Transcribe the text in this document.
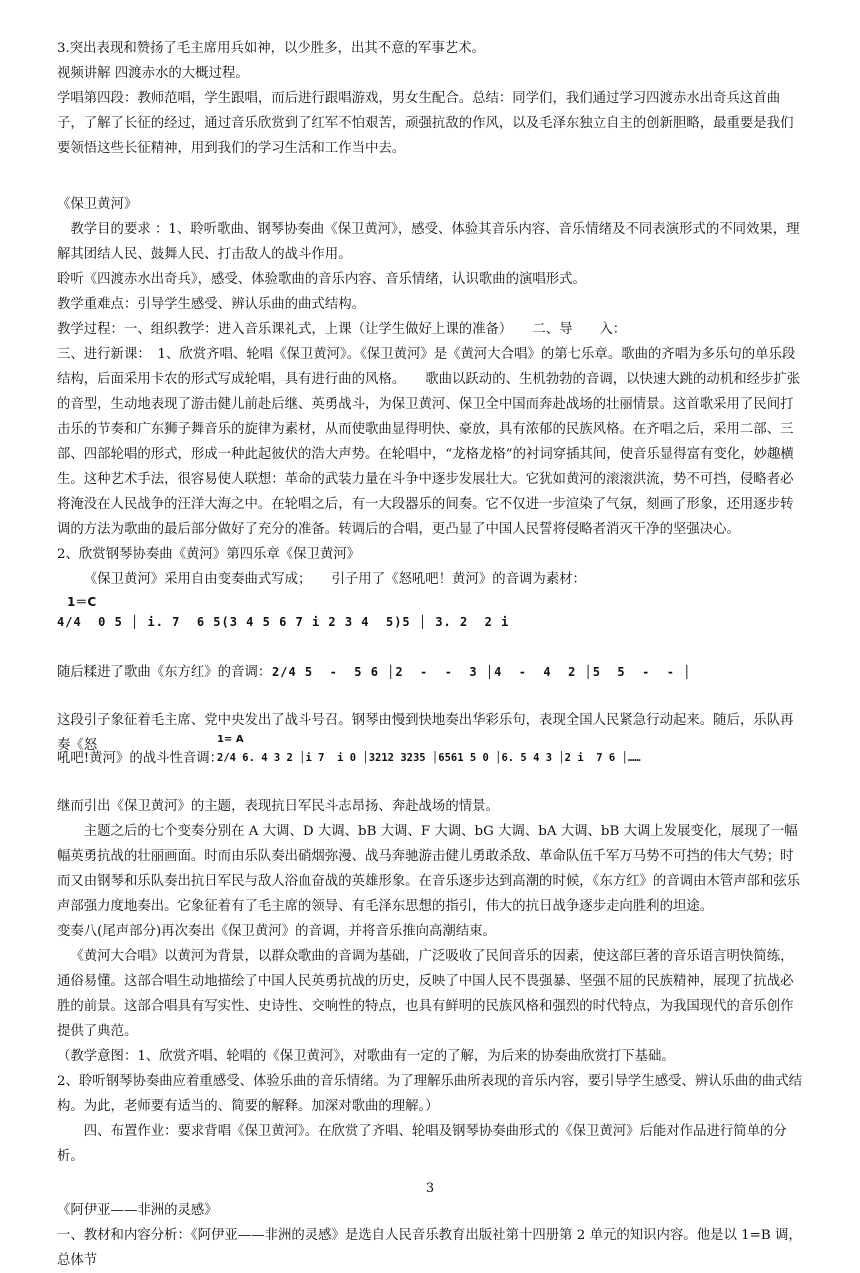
3.突出表现和赞扬了毛主席用兵如神，以少胜多，出其不意的军事艺术。

视频讲解 四渡赤水的大概过程。

学唱第四段：教师范唱，学生跟唱，而后进行跟唱游戏，男女生配合。总结：同学们，我们通过学习四渡赤水出奇兵这首曲子，了解了长征的经过，通过音乐欣赏到了红军不怕艰苦，顽强抗敌的作风，以及毛泽东独立自主的创新胆略，最重要是我们要领悟这些长征精神，用到我们的学习生活和工作当中去。

《保卫黄河》

教学目的要求 ：1、聆听歌曲、钢琴协奏曲《保卫黄河》，感受、体验其音乐内容、音乐情绪及不同表演形式的不同效果，理解其团结人民、鼓舞人民、打击敌人的战斗作用。

聆听《四渡赤水出奇兵》，感受、体验歌曲的音乐内容、音乐情绪，认识歌曲的演唱形式。

教学重难点：引导学生感受、辨认乐曲的曲式结构。

教学过程：一、组织教学：进入音乐课礼式，上课（让学生做好上课的准备）　　二、导　　入：

三、进行新课：　1、欣赏齐唱、轮唱《保卫黄河》。《保卫黄河》是《黄河大合唱》的第七乐章。歌曲的齐唱为多乐句的单乐段结构，后面采用卡农的形式写成轮唱，具有进行曲的风格。　　歌曲以跃动的、生机勃勃的音调，以快速大跳的动机和经步扩张的音型，生动地表现了游击健儿前赴后继、英勇战斗，为保卫黄河、保卫全中国而奔赴战场的壮丽情景。这首歌采用了民间打击乐的节奏和广东狮子舞音乐的旋律为素材，从而使歌曲显得明快、豪放，具有浓郁的民族风格。在齐唱之后，采用二部、三部、四部轮唱的形式，形成一种此起彼伏的浩大声势。在轮唱中，“龙格龙格”的衬词穿插其间，使音乐显得富有变化，妙趣横生。这种艺术手法，很容易使人联想：革命的武装力量在斗争中逐步发展壮大。它犹如黄河的滚滚洪流，势不可挡，侵略者必将淹没在人民战争的汪洋大海之中。在轮唱之后，有一大段器乐的间奏。它不仅进一步渲染了气氛，刻画了形象，还用逐步转调的方法为歌曲的最后部分做好了充分的准备。转调后的合唱，更凸显了中国人民誓将侵略者消灭干净的坚强决心。

2、欣赏钢琴协奏曲《黄河》第四乐章《保卫黄河》

《保卫黄河》采用自由变奏曲式写成；　　引子用了《怒吼吧！黄河》的音调为素材：

1＝C
4/4  0 5 │ i. 7  6 5(3 4 5 6 7 i 2 3 4  5)5 │ 3. 2  2 i
随后糅进了歌曲《东方红》的音调： 2/4 5  -  5 6 │2  -  -  3 │4  -  4  2 │5  5  -  - │
这段引子象征着毛主席、党中央发出了战斗号召。钢琴由慢到快地奏出华彩乐句，表现全国人民紧急行动起来。随后，乐队再奏《怒	1= A
吼吧!黄河》的战斗性音调：
2/4 6. 4 3 2 │i 7  i 0 │3212 3235 │6561 5 0 │6. 5 4 3 │2 i  7 6 │……

继而引出《保卫黄河》的主题，表现抗日军民斗志昂扬、奔赴战场的情景。

主题之后的七个变奏分别在 A 大调、D 大调、bB 大调、F 大调、bG 大调、bA 大调、bB 大调上发展变化，展现了一幅幅英勇抗战的壮丽画面。时而由乐队奏出硝烟弥漫、战马奔驰游击健儿勇敢杀敌、革命队伍千军万马势不可挡的伟大气势；时而又由钢琴和乐队奏出抗日军民与敌人浴血奋战的英雄形象。在音乐逐步达到高潮的时候，《东方红》的音调由木管声部和弦乐声部强力度地奏出。它象征着有了毛主席的领导、有毛泽东思想的指引，伟大的抗日战争逐步走向胜利的坦途。

变奏八(尾声部分)再次奏出《保卫黄河》的音调，并将音乐推向高潮结束。

《黄河大合唱》以黄河为背景，以群众歌曲的音调为基础，广泛吸收了民间音乐的因素，使这部巨著的音乐语言明快简练，通俗易懂。这部合唱生动地描绘了中国人民英勇抗战的历史，反映了中国人民不畏强暴、坚强不屈的民族精神，展现了抗战必胜的前景。这部合唱具有写实性、史诗性、交响性的特点，也具有鲜明的民族风格和强烈的时代特点，为我国现代的音乐创作提供了典范。

（教学意图：1、欣赏齐唱、轮唱的《保卫黄河》，对歌曲有一定的了解，为后来的协奏曲欣赏打下基础。

2、聆听钢琴协奏曲应着重感受、体验乐曲的音乐情绪。为了理解乐曲所表现的音乐内容，要引导学生感受、辨认乐曲的曲式结构。为此，老师要有适当的、简要的解释。加深对歌曲的理解。）

四、布置作业：要求背唱《保卫黄河》。在欣赏了齐唱、轮唱及钢琴协奏曲形式的《保卫黄河》后能对作品进行简单的分析。

《阿伊亚——非洲的灵感》

一、教材和内容分析：《阿伊亚——非洲的灵感》是选自人民音乐教育出版社第十四册第 2 单元的知识内容。他是以 1=B 调，总体节

3
